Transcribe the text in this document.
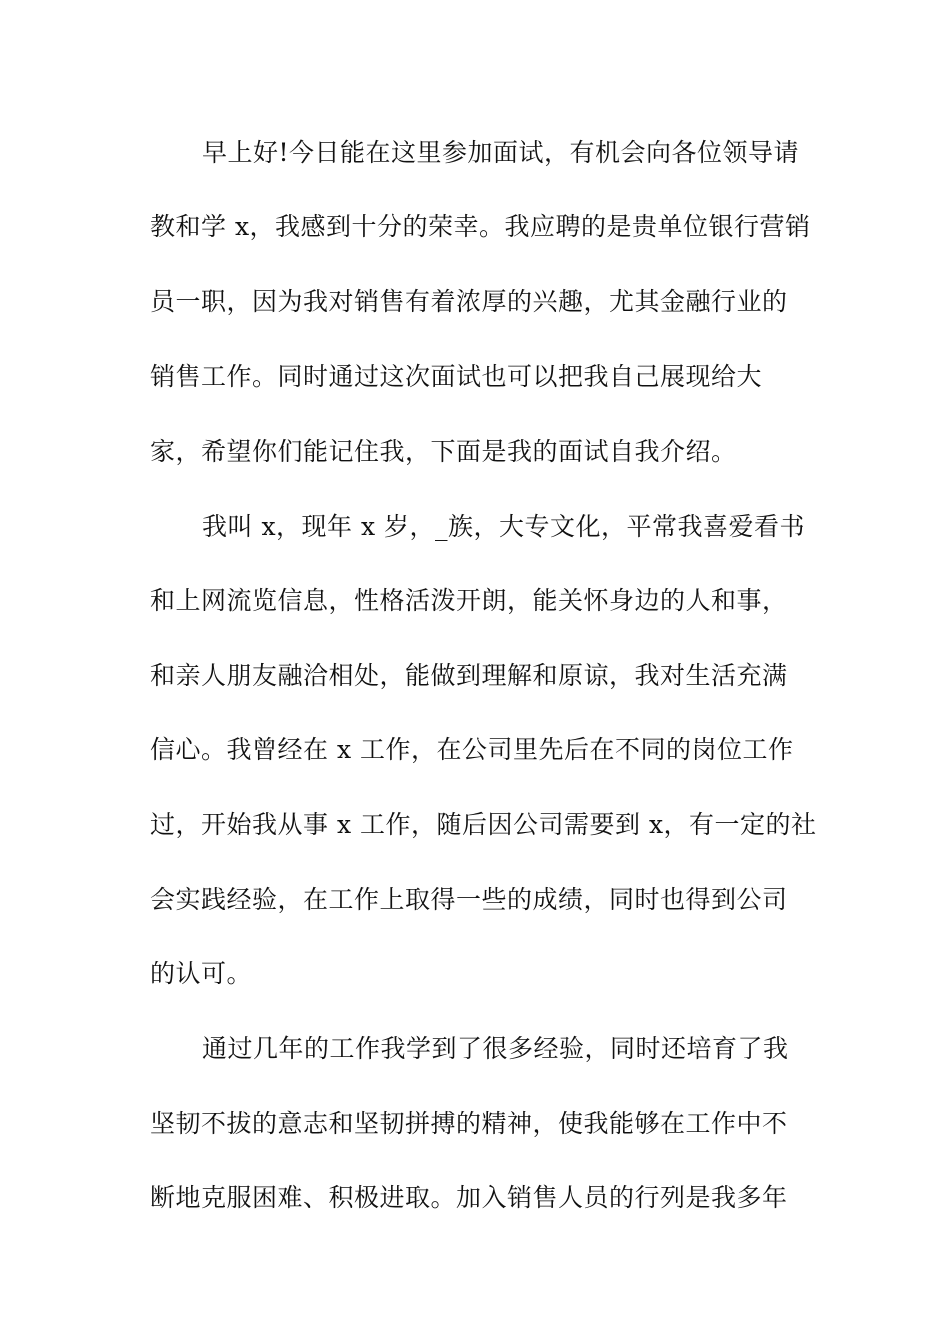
早上好!今日能在这里参加面试，有机会向各位领导请

教和学 x，我感到十分的荣幸。我应聘的是贵单位银行营销

员一职，因为我对销售有着浓厚的兴趣，尤其金融行业的

销售工作。同时通过这次面试也可以把我自己展现给大

家，希望你们能记住我，下面是我的面试自我介绍。

我叫 x，现年 x 岁，_族，大专文化，平常我喜爱看书

和上网流览信息，性格活泼开朗，能关怀身边的人和事，

和亲人朋友融洽相处，能做到理解和原谅，我对生活充满

信心。我曾经在 x 工作，在公司里先后在不同的岗位工作

过，开始我从事 x 工作，随后因公司需要到 x，有一定的社

会实践经验，在工作上取得一些的成绩，同时也得到公司

的认可。

通过几年的工作我学到了很多经验，同时还培育了我

坚韧不拔的意志和坚韧拼搏的精神，使我能够在工作中不

断地克服困难、积极进取。加入销售人员的行列是我多年
